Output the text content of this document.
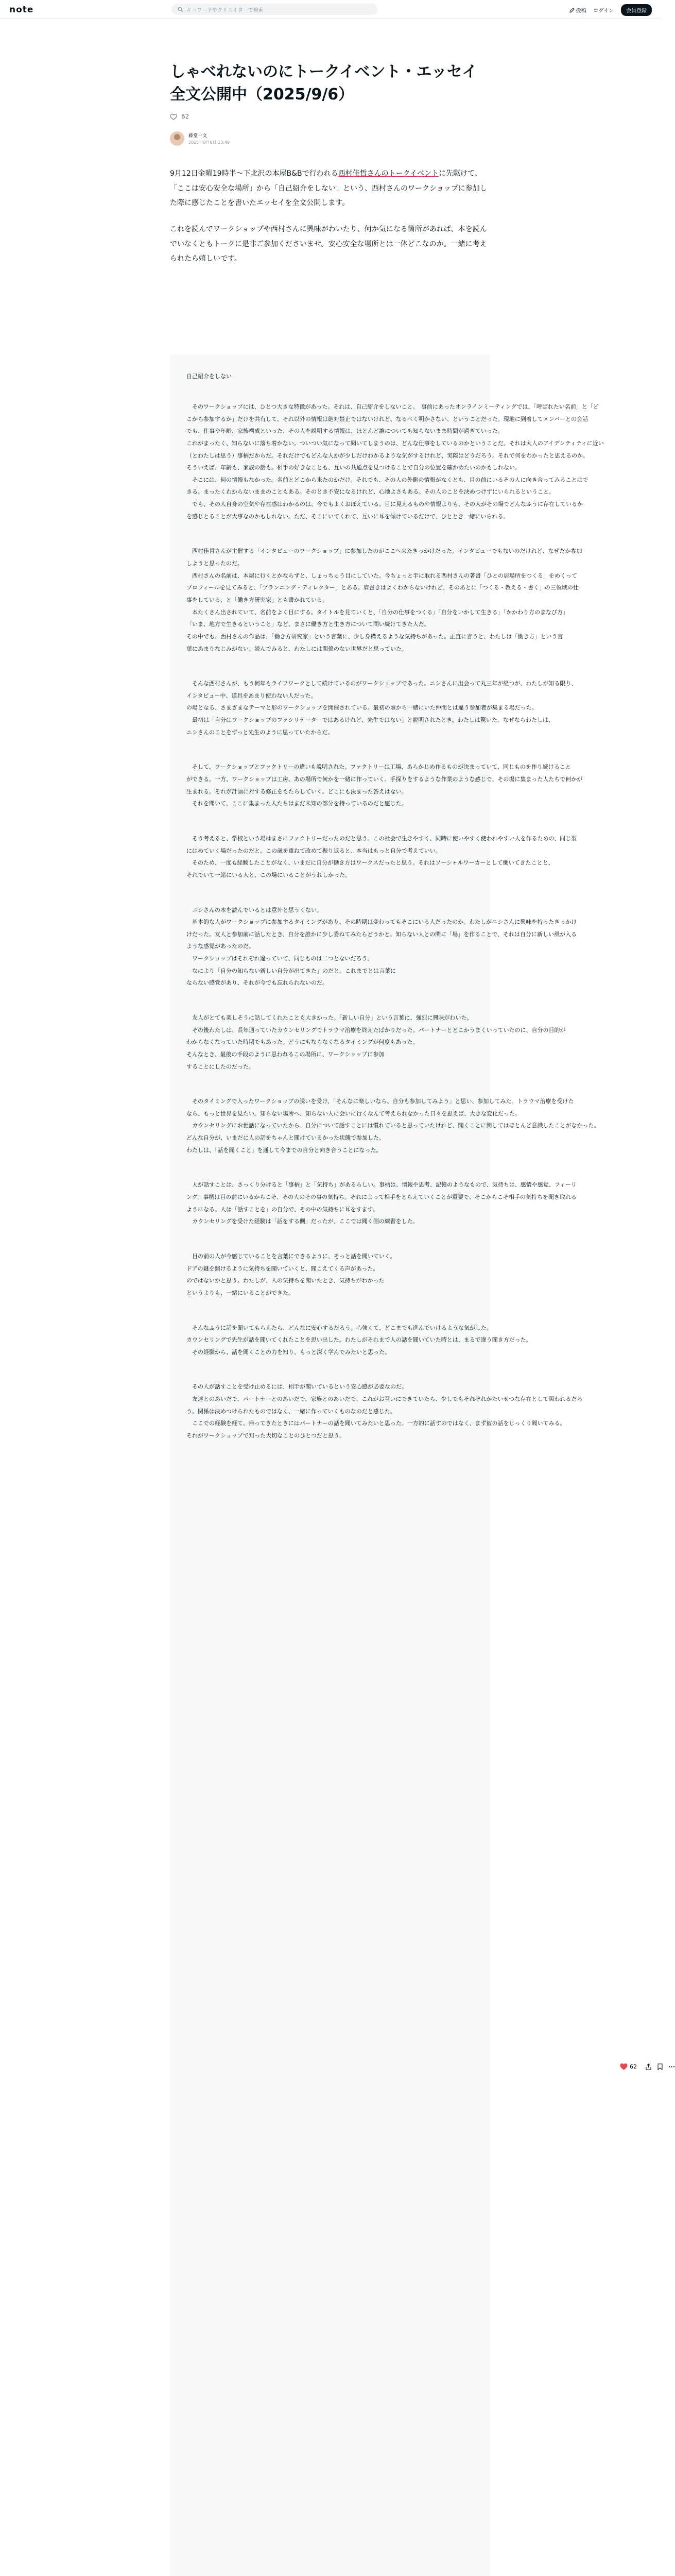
note	キーワードやクリエイターで検索	投稿 ログイン	会員登録
しゃべれないのにトークイベント・エッセイ全文公開中（2025/9/6）
62
藤堂一文
2025年9月6日 13:49

9月12日金曜19時半〜下北沢の本屋B&Bで行われる西村佳哲さんのトークイベントに先駆けて、「ここは安心安全な場所」から「自己紹介をしない」という、西村さんのワークショップに参加した際に感じたことを書いたエッセイを全文公開します。

これを読んでワークショップや西村さんに興味がわいたり、何か気になる箇所があれば、本を読んでいなくともトークに是非ご参加くださいませ。安心安全な場所とは一体どこなのか。一緒に考えられたら嬉しいです。

自己紹介をしない
　そのワークショップには、ひとつ大きな特徴があった。それは、自己紹介をしないこと。　事前にあったオンラインミーティングでは、「呼ばれたい名前」と「ど
こから参加するか」だけを共有して、それ以外の情報は絶対禁止ではないけれど、なるべく明かさない、ということだった。現地に到着してメンバーとの会話
でも、仕事や年齢、家族構成といった、その人を説明する情報は、ほとんど誰についても知らないまま時間が過ぎていった。
これがまったく、知らないに落ち着かない。ついつい気になって聞いてしまうのは、どんな仕事をしているのかということだ。それは大人のアイデンティティに近い
（とわたしは思う）事柄だからだ。それだけでもどんな人かが少しだけわかるような気がするけれど、実際はどうだろう。それで何をわかったと思えるのか。
そういえば、年齢も、家族の話も。相手の好きなことも、互いの共通点を見つけることで自分の位置を確かめたいのかもしれない。
　そこには、何の情報もなかった。名前とどこから来たのかだけ。それでも、その人の外側の情報がなくとも、目の前にいるその人に向き合ってみることはで
きる。まったくわからないままのこともある。そのとき不安になるけれど、心地よさもある。その人のことを決めつけずにいられるということ。
　でも、その人自身の空気や存在感はわかるのは、今でもよくおぼえている。目に見えるものや情報よりも、その人がその場でどんなふうに存在しているか
を感じとることが大事なのかもしれない。ただ、そこにいてくれて、互いに耳を傾けているだけで、ひととき一緒にいられる。
　西村佳哲さんが主催する「インタビューのワークショップ」に参加したのがここへ来たきっかけだった。インタビューでもないのだけれど、なぜだか参加
しようと思ったのだ。
　西村さんの名前は、本屋に行くとかならずと、しょっちゅう目にしていた。今ちょっと手に取れる西村さんの著書「ひとの居場所をつくる」をめくって
プロフィールを見てみると、「プランニング・ディレクター」とある。肩書きはよくわからないけれど、そのあとに「つくる・教える・書く」の三領域の仕
事をしている、と「働き方研究家」とも書かれている。
　本たくさん出されていて、名前をよく目にする。タイトルを見ていくと、「自分の仕事をつくる」「自分をいかして生きる」「かかわり方のまなび方」
「いま、地方で生きるということ」など、まさに働き方と生き方について問い続けてきた人だ。
その中でも、西村さんの作品は、「働き方研究家」という言葉に、少し身構えるような気持ちがあった。正直に言うと、わたしは「働き方」という言
葉にあまりなじみがない。読んでみると、わたしには関係のない世界だと思っていた。
　そんな西村さんが、もう何年もライフワークとして続けているのがワークショップであった。ニシさんに出会って丸三年が経つが、わたしが知る限り、
インタビュー中、道具をあまり使わない人だった。
の場となる、さまざまなテーマと形のワークショップを開催されている。最初の頃から一緒にいた仲間とは違う参加者が集まる場だった。
　最初は「自分はワークショップのファシリテーターではあるけれど、先生ではない」と説明されたとき、わたしは驚いた。なぜならわたしは、
ニシさんのことをずっと先生のように思っていたからだ。
　そして、ワークショップとファクトリーの違いも説明された。ファクトリーは工場、あらかじめ作るものが決まっていて、同じものを作り続けること
ができる。一方、ワークショップは工房、あの場所で何かを一緒に作っていく。手探りをするような作業のような感じで、その場に集まった人たちで何かが
生まれる。それが計画に対する修正をもたらしていく。どこにも決まった答えはない。
　それを聞いて、ここに集まった人たちはまだ未知の部分を持っているのだと感じた。
　そう考えると、学校という場はまさにファクトリーだったのだと思う。この社会で生きやすく、同時に使いやすく使われやすい人を作るための、同じ型
にはめていく場だったのだと。この歳を重ねて改めて振り返ると、本当はもっと自分で考えていい。
　そのため、一度も経験したことがなく、いまだに自分が働き方はワークスだったと思う。それはソーシャルワーカーとして働いてきたことと、
それでいて一緒にいる人と、この場にいることがうれしかった。
　ニシさんの本を読んでいるとは意外と思うくない。
　基本的な人がワークショップに参加するタイミングがあり、その時期は変わってもそこにいる人だったのか。わたしがニシさんに興味を持ったきっかけ
けだった。友人と参加前に話したとき、自分を誰かに少し委ねてみたらどうかと。知らない人との間に「場」を作ることで、それは自分に新しい風が入る
ような感覚があったのだ。
　ワークショップはそれぞれ違っていて、同じものは二つとないだろう。
　なにより「自分の知らない新しい自分が出てきた」のだと。これまでとは言葉に
ならない感覚があり、それが今でも忘れられないのだ。
　友人がとても楽しそうに話してくれたことも大きかった。「新しい自分」という言葉に、強烈に興味がわいた。
　その後わたしは、長年通っていたカウンセリングでトラウマ治療を終えたばかりだった。パートナーとどこかうまくいっていたのに、自分の目的が
わからなくなっていた時期でもあった。どうにもならなくなるタイミングが何度もあった。
そんなとき、最後の手段のように思われるこの場所に、ワークショップに参加
することにしたのだった。
　そのタイミングで入ったワークショップの誘いを受け、「そんなに楽しいなら、自分も参加してみよう」と思い、参加してみた。トラウマ治療を受けた
なら、もっと世界を見たい。知らない場所へ、知らない人に会いに行くなんて考えられなかった日々を思えば、大きな変化だった。
　カウンセリングにお世話になっていたから、自分について話すことには慣れていると思っていたけれど、聞くことに関してはほとんど意識したことがなかった。
どんな自分が、いまだに人の話をちゃんと聞けているかった状態で参加した。
わたしは、「話を聞くこと」を通して今までの自分と向き合うことになった。
　人が話すことは、さっくり分けると「事柄」と「気持ち」があるらしい。事柄は、情報や思考、記憶のようなもので、気持ちは、感情や感覚、フィーリ
ング。事柄は目の前にいるからこそ、その人のその事の気持ち。それによって相手をとらえていくことが重要で、そこからこそ相手の気持ちを聞き取れる
ようになる。人は「話すことを」の自分で、その中の気持ちに耳をすます。
　カウンセリングを受けた経験は「話をする側」だったが、ここでは聞く側の練習をした。
　目の前の人が今感じていることを言葉にできるように、そっと話を聞いていく。
ドアの鍵を開けるように気持ちを聞いていくと、聞こえてくる声があった。
のではないかと思う。わたしが、人の気持ちを聞いたとき、気持ちがわかった
というよりも、一緒にいることができた。
　そんなふうに話を聞いてもらえたら、どんなに安心するだろう。心強くて、どこまでも進んでいけるような気がした。
カウンセリングで先生が話を聞いてくれたことを思い出した。わたしがそれまで人の話を聞いていた時とは、まるで違う聞き方だった。
　その経験から、話を聞くことの力を知り、もっと深く学んでみたいと思った。
　その人が話すことを受け止めるには、相手が聞いているという安心感が必要なのだ。
　友達とのあいだで、パートナーとのあいだで、家族とのあいだで、これがお互いにできていたら、少しでもそれぞれがたいせつな存在として関われるだろ
う。関係は決めつけられたものではなく、一緒に作っていくものなのだと感じた。
　ここでの経験を経て、帰ってきたときにはパートナーの話を聞いてみたいと思った。一方的に話すのではなく、まず彼の話をじっくり聞いてみる。
それがワークショップで知った大切なことのひとつだと思う。
62
